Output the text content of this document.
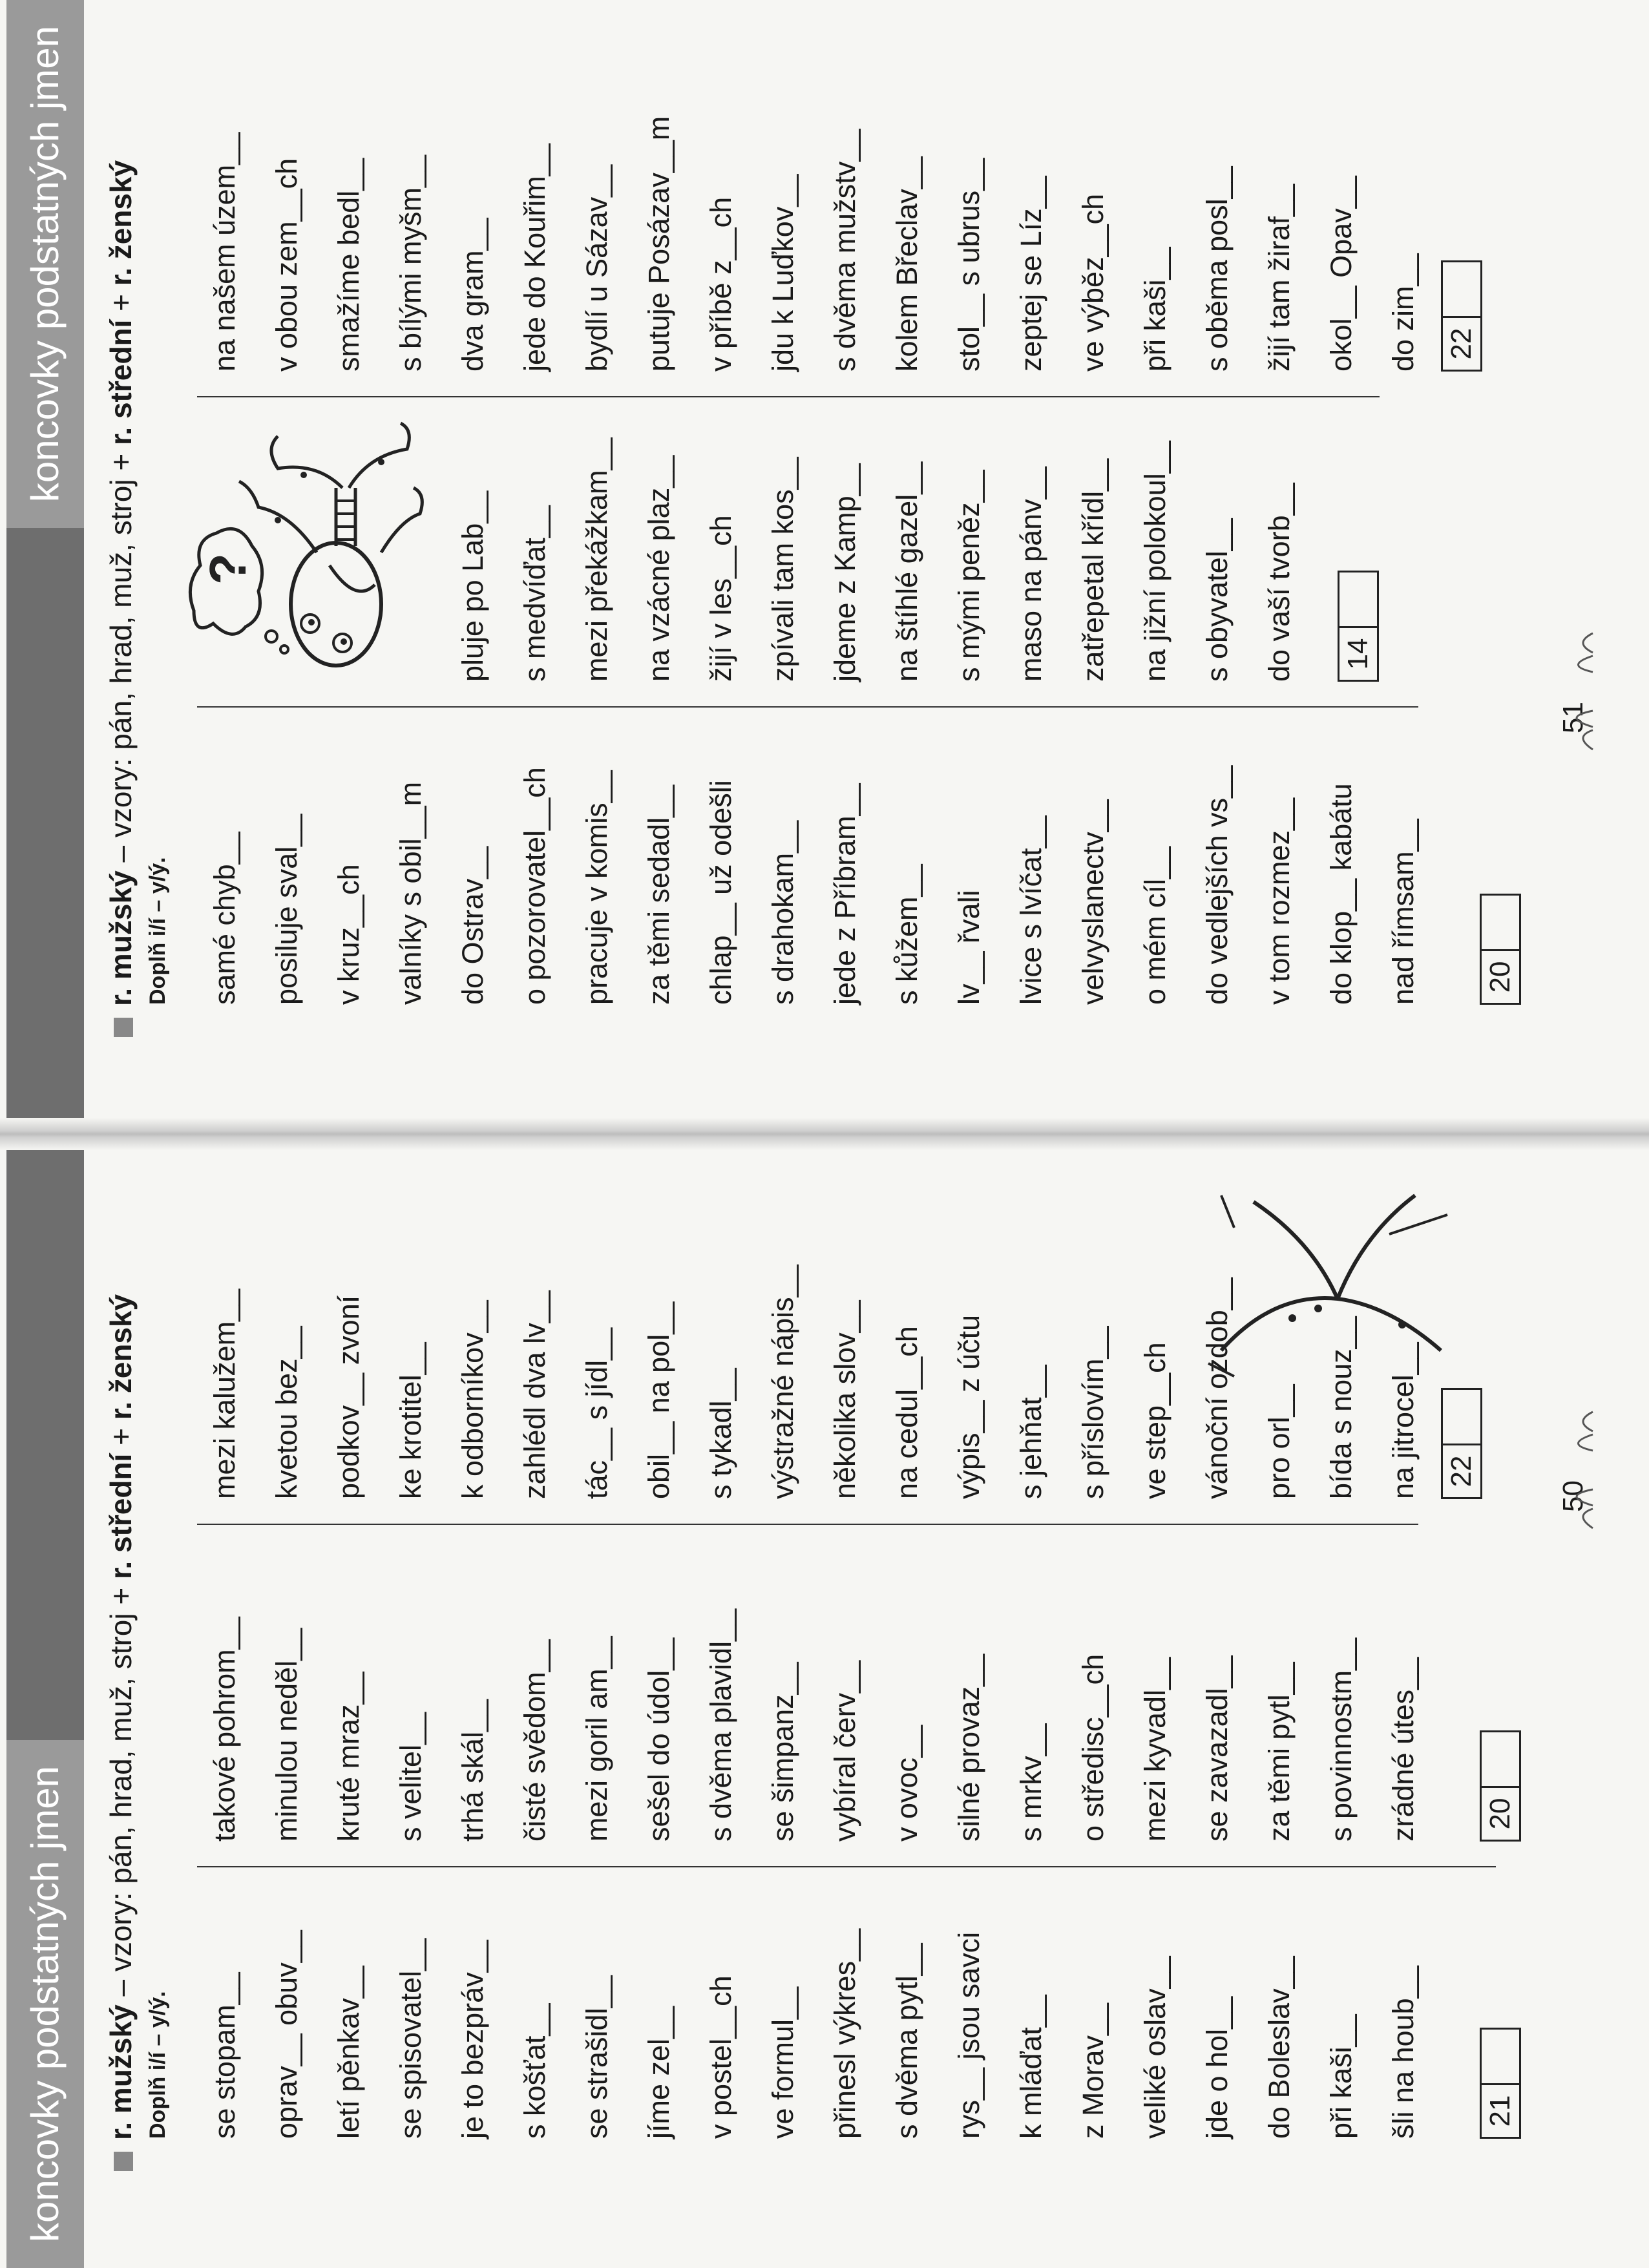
koncovky podstatných jmen	r. mužský – vzory: pán, hrad, muž, stroj + r. střední + r. ženský
Doplň i/í – y/ý.	se stopam__	oprav__ obuv__	letí pěnkav__	se spisovatel__	je to bezpráv__	s košťat__	se strašidl__	jíme zel__	v postel__ch	ve formul__	přinesl výkres__	s dvěma pytl__	rys__ jsou savci	k mláďat__	z Morav__	veliké oslav__	jde o hol__	do Boleslav__	při kaši__	šli na houb__
takové pohrom__	minulou neděl__	kruté mraz__	s velitel__	trhá skál__	čisté svědom__	mezi goril am__	sešel do údol__	s dvěma plavidl__	se šimpanz__	vybíral červ__	v ovoc__	silné provaz__	s mrkv__	o středisc__ch	mezi kyvadl__	se zavazadl__	za těmi pytl__	s povinnostm__	zrádné útes__
mezi kalužem__	kvetou bez__	podkov__ zvoní	ke krotitel__	k odborníkov__	zahlédl dva lv__	tác__ s jídl__	obil__ na pol__	s tykadl__	výstražné nápis__	několika slov__	na cedul__ch	výpis__ z účtu	s jehňat__	s příslovím__	ve step__ch	vánoční ozdob__	pro orl__	bída s nouz__	na jitrocel__
21
20
22
50
koncovky podstatných jmen
r. mužský – vzory: pán, hrad, muž, stroj + r. střední + r. ženský
Doplň i/í – y/ý.	samé chyb__	posiluje sval__	v kruz__ch	valníky s obil__m	do Ostrav__	o pozorovatel__ch	pracuje v komis__	za těmi sedadl__	chlap__ už odešli	s drahokam__	jede z Příbram__	s kůžem__	lv__ řvali	lvice s lvíčat__	velvyslanectv__	o mém cíl__	do vedlejších vs__	v tom rozmez__	do klop__ kabátu	nad římsam__
pluje po Lab__	s medvíďat__	mezi překážkam__	na vzácné plaz__	žijí v les__ch	zpívali tam kos__	jdeme z Kamp__	na štíhlé gazel__	s mými peněz__	maso na pánv__	zatřepetal křídl__	na jižní polokoul__	s obyvatel__	do vaší tvorb__
na našem územ__	v obou zem__ch	smažíme bedl__	s bílými myšm__	dva gram__	jede do Kouřim__	bydlí u Sázav__	putuje Posázav__m	v příbě z__ch	jdu k Luďkov__	s dvěma mužstv__	kolem Břeclav__	stol__ s ubrus__	zeptej se Líz__	ve výběz__ch	při kaši__	s oběma posl__	žijí tam žiraf__	okol__ Opav__	do zim__
20
14
22
51
?
